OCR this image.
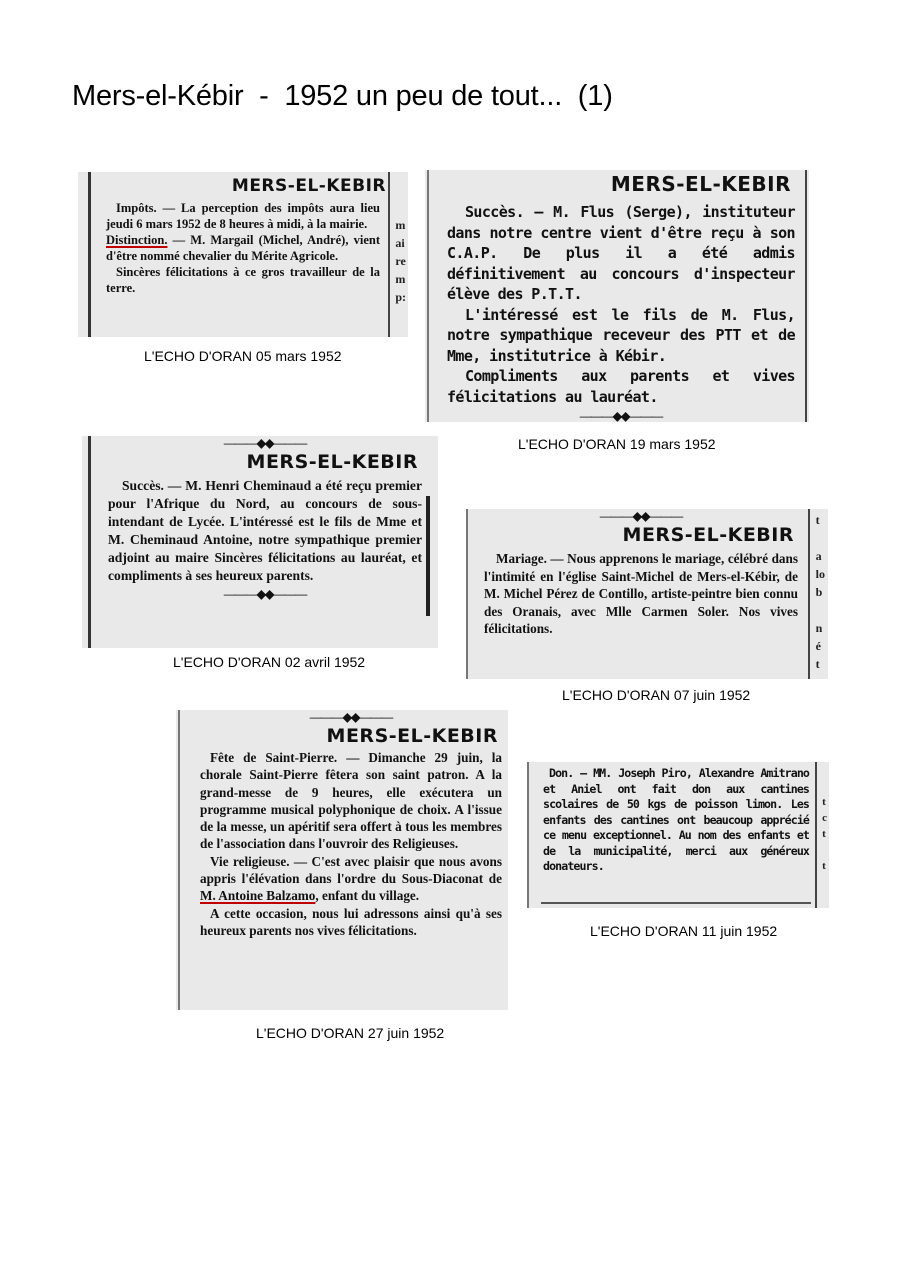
Mers-el-Kébir  -  1952 un peu de tout...  (1)
MERS-EL-KEBIR

Impôts. — La perception des impôts aura lieu jeudi 6 mars 1952 de 8 heures à midi, à la mairie.

Distinction. — M. Margail (Michel, André), vient d'être nommé chevalier du Mérite Agricole.

Sincères félicitations à ce gros travailleur de la terre.

m
ai
re
m
p:
L'ECHO D'ORAN 05 mars 1952
MERS-EL-KEBIR

Succès. — M. Flus (Serge), instituteur dans notre centre vient d'être reçu à son C.A.P. De plus il a été admis définitivement au concours d'inspecteur élève des P.T.T.

L'intéressé est le fils de M. Flus, notre sympathique receveur des PTT et de Mme, institutrice à Kébir.

Compliments aux parents et vives félicitations au lauréat.

———◆◆———
L'ECHO D'ORAN 19 mars 1952
———◆◆———
MERS-EL-KEBIR

Succès. — M. Henri Cheminaud a été reçu premier pour l'Afrique du Nord, au concours de sous-intendant de Lycée. L'intéressé est le fils de Mme et M. Cheminaud Antoine, notre sympathique premier adjoint au maire Sincères félicitations au lauréat, et compliments à ses heureux parents.

———◆◆———
L'ECHO D'ORAN 02 avril 1952
———◆◆———
MERS-EL-KEBIR

Mariage. — Nous apprenons le mariage, célébré dans l'intimité en l'église Saint-Michel de Mers-el-Kébir, de M. Michel Pérez de Contillo, artiste-peintre bien connu des Oranais, avec Mlle Carmen Soler. Nos vives félicitations.

t

a
lo
b

n
é
t
L'ECHO D'ORAN 07 juin 1952
———◆◆———
MERS-EL-KEBIR

Fête de Saint-Pierre. — Dimanche 29 juin, la chorale Saint-Pierre fêtera son saint patron. A la grand-messe de 9 heures, elle exécutera un programme musical polyphonique de choix. A l'issue de la messe, un apéritif sera offert à tous les membres de l'association dans l'ouvroir des Religieuses.

Vie religieuse. — C'est avec plaisir que nous avons appris l'élévation dans l'ordre du Sous-Diaconat de M. Antoine Balzamo, enfant du village.

A cette occasion, nous lui adressons ainsi qu'à ses heureux parents nos vives félicitations.

L'ECHO D'ORAN 27 juin 1952

Don. — MM. Joseph Piro, Alexandre Amitrano et Aniel ont fait don aux cantines scolaires de 50 kgs de poisson limon. Les enfants des cantines ont beaucoup apprécié ce menu exceptionnel. Au nom des enfants et de la municipalité, merci aux généreux donateurs.

t
c
t

t

L'ECHO D'ORAN 11 juin 1952
